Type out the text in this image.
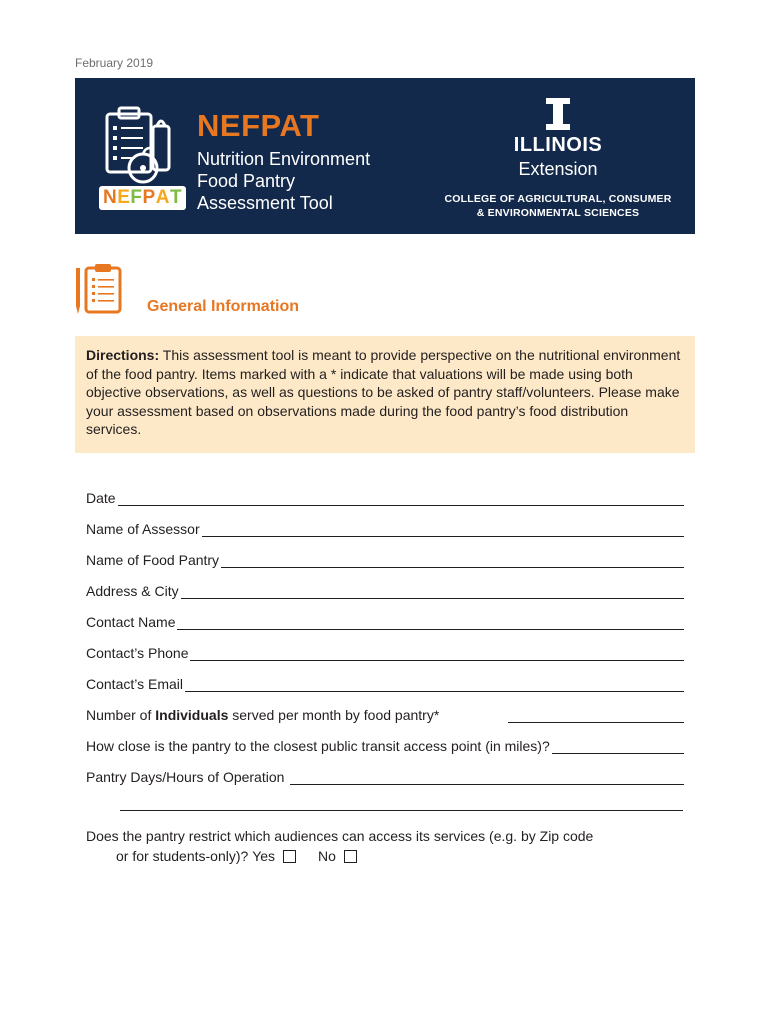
February 2019
NEFPAT
NEFPAT
Nutrition Environment
Food Pantry
Assessment Tool
ILLINOIS
Extension
COLLEGE OF AGRICULTURAL, CONSUMER
& ENVIRONMENTAL SCIENCES
General Information
Directions: This assessment tool is meant to provide perspective on the nutritional environment of the food pantry. Items marked with a * indicate that valuations will be made using both objective observations, as well as questions to be asked of pantry staff/volunteers. Please make your assessment based on observations made during the food pantry’s food distribution services.
Date
Name of Assessor
Name of Food Pantry
Address & City
Contact Name
Contact’s Phone
Contact’s Email
Number of Individuals served per month by food pantry*
How close is the pantry to the closest public transit access point (in miles)?
Pantry Days/Hours of Operation
Does the pantry restrict which audiences can access its services (e.g. by Zip code
or for students-only)?
Yes	No
